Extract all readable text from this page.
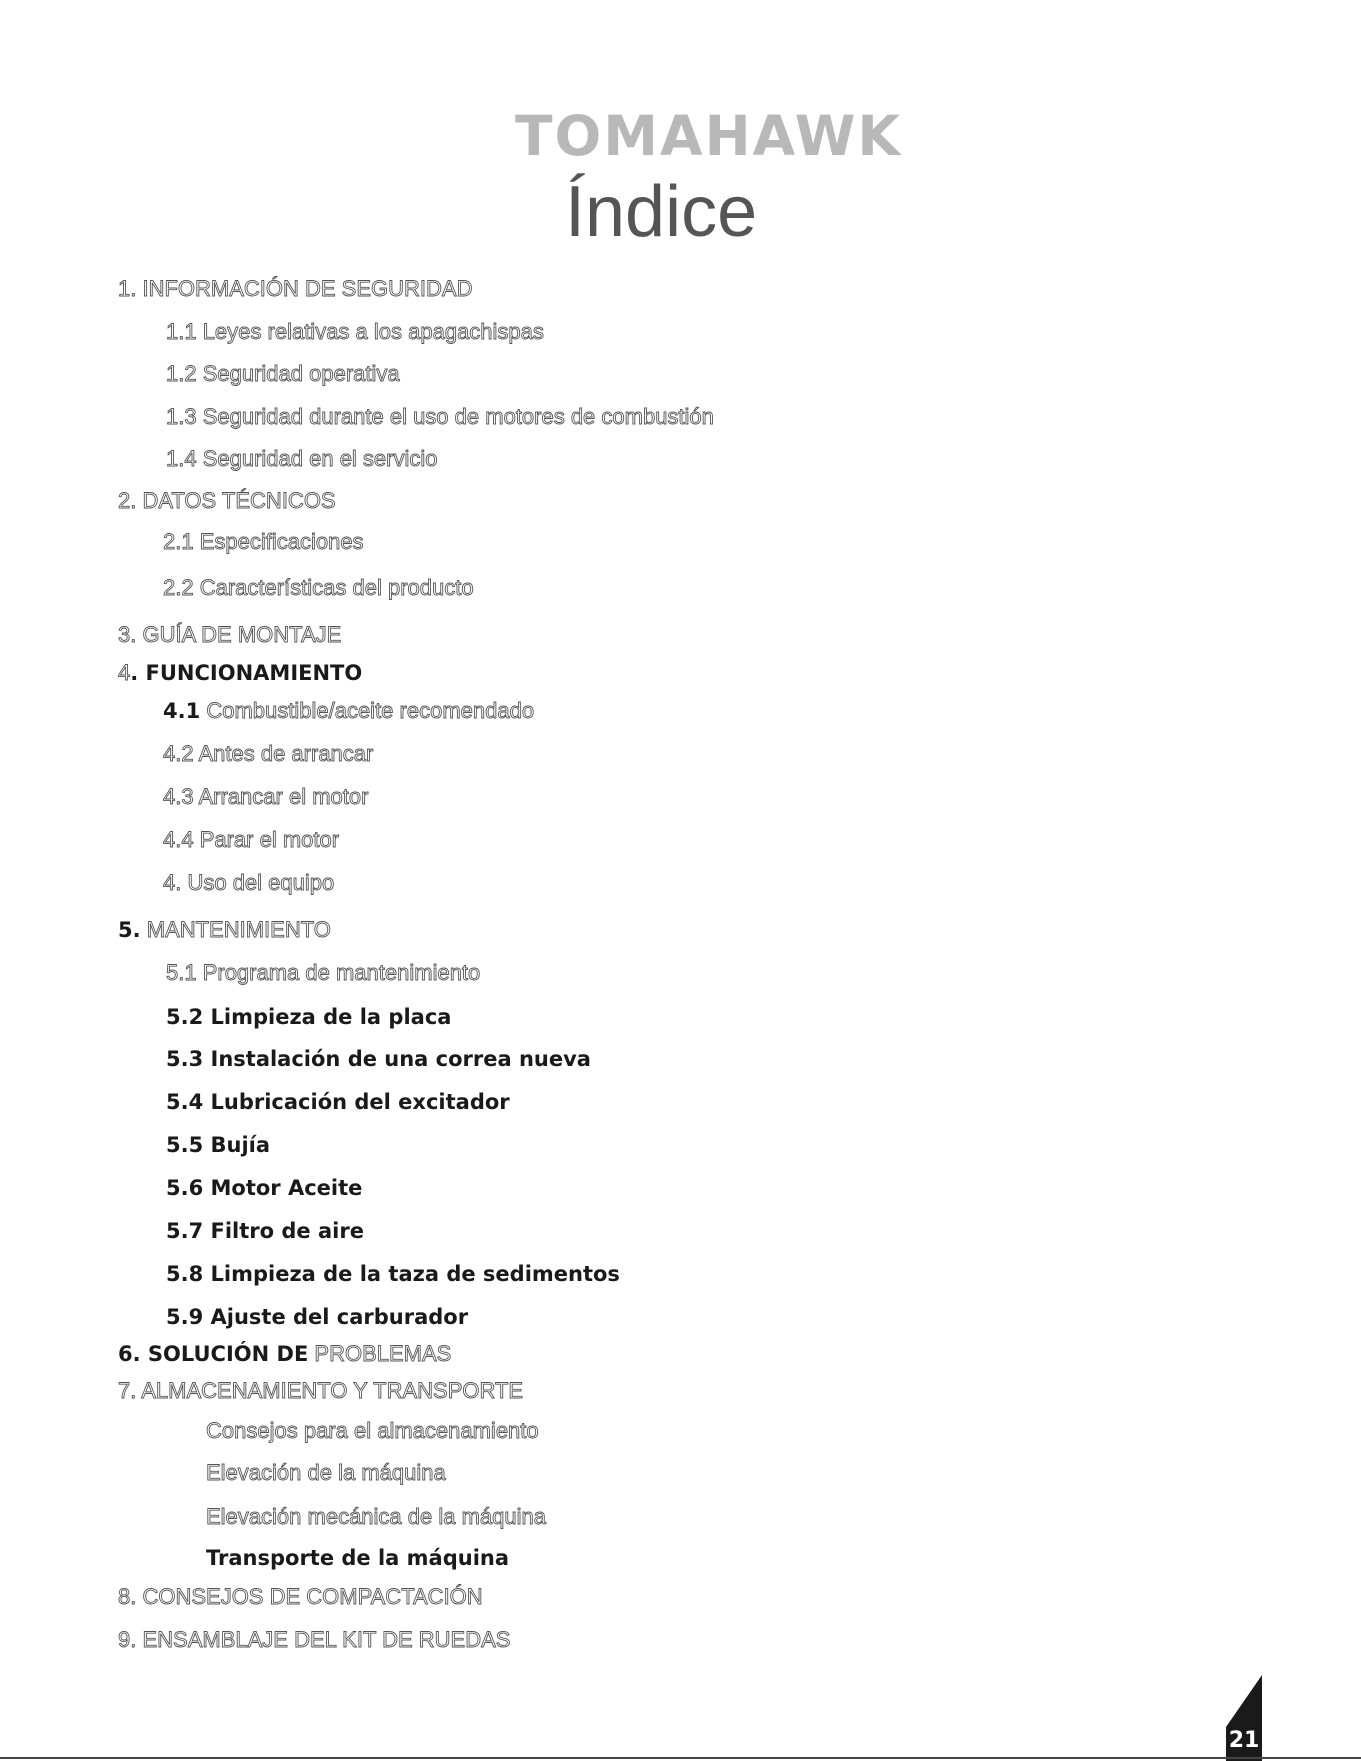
TOMAHAWK
Índice
1. INFORMACIÓN DE SEGURIDAD
1.1 Leyes relativas a los apagachispas
1.2 Seguridad operativa
1.3 Seguridad durante el uso de motores de combustión
1.4 Seguridad en el servicio
2. DATOS TÉCNICOS
2.1 Especificaciones
2.2 Características del producto
3. GUÍA DE MONTAJE
4. FUNCIONAMIENTO
4.1 Combustible/aceite recomendado
4.2 Antes de arrancar
4.3 Arrancar el motor
4.4 Parar el motor
4. Uso del equipo
5. MANTENIMIENTO
5.1 Programa de mantenimiento
5.2 Limpieza de la placa
5.3 Instalación de una correa nueva
5.4 Lubricación del excitador
5.5 Bujía
5.6 Motor Aceite
5.7 Filtro de aire
5.8 Limpieza de la taza de sedimentos
5.9 Ajuste del carburador
6. SOLUCIÓN DE PROBLEMAS
7. ALMACENAMIENTO Y TRANSPORTE
Consejos para el almacenamiento
Elevación de la máquina
Elevación mecánica de la máquina
Transporte de la máquina
8. CONSEJOS DE COMPACTACIÓN
9. ENSAMBLAJE DEL KIT DE RUEDAS
21
